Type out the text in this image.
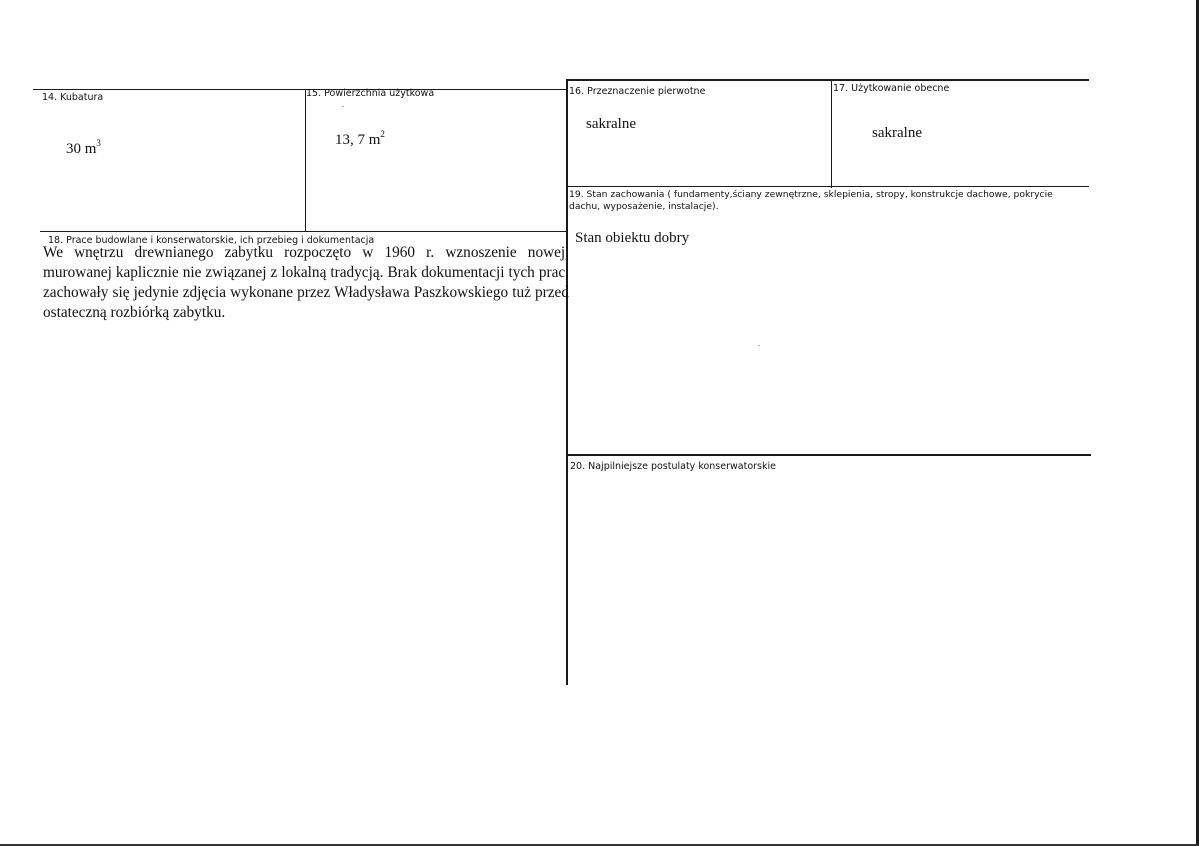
14. Kubatura
30 $m^3$
15. Powierzchnia użytkowa
13, 7 $m^2$
16. Przeznaczenie pierwotne
sakralne
17. Użytkowanie obecne
sakralne
19. Stan zachowania ( fundamenty,ściany zewnętrzne, sklepienia, stropy, konstrukcje dachowe, pokrycie dachu, wyposażenie, instalacje).
Stan obiektu dobry
18. Prace budowlane i konserwatorskie, ich przebieg i dokumentacja
We wnętrzu drewnianego zabytku rozpoczęto w 1960 r. wznoszenie nowej, murowanej kaplicznie nie związanej z lokalną tradycją. Brak dokumentacji tych prac, zachowały się jedynie zdjęcia wykonane przez Władysława Paszkowskiego tuż przed ostateczną rozbiórką zabytku.
20. Najpilniejsze postulaty konserwatorskie
